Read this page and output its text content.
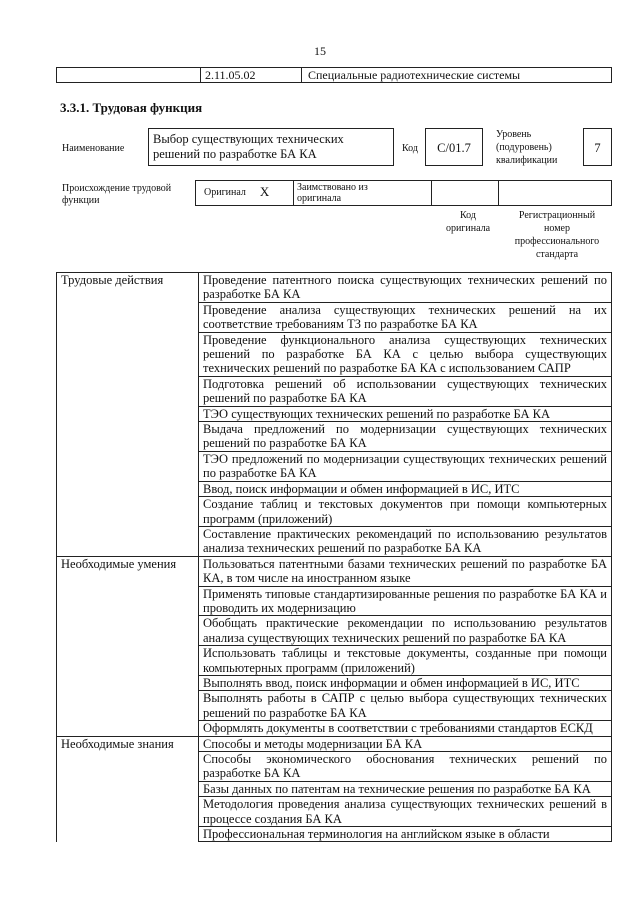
15
2.11.05.02	Специальные радиотехнические системы
3.3.1. Трудовая функция
Наименование
Выбор существующих технических решений по разработке БА КА	Код	C/01.7
Уровень
(подуровень)
квалификации
7
Происхождение трудовой
функции
Оригинал X	Заимствовано из
оригинала
Код
оригинала
Регистрационный
номер
профессионального
стандарта
Трудовые действия	Проведение патентного поиска существующих технических решений по разработке БА КА
	Проведение анализа существующих технических решений на их соответствие требованиям ТЗ по разработке БА КА
	Проведение функционального анализа существующих технических решений по разработке БА КА с целью выбора существующих технических решений по разработке БА КА с использованием САПР
	Подготовка решений об использовании существующих технических решений по разработке БА КА
	ТЭО существующих технических решений по разработке БА КА
	Выдача предложений по модернизации существующих технических решений по разработке БА КА
	ТЭО предложений по модернизации существующих технических решений по разработке БА КА
	Ввод, поиск информации и обмен информацией в ИС, ИТС
	Создание таблиц и текстовых документов при помощи компьютерных программ (приложений)
	Составление практических рекомендаций по использованию результатов анализа технических решений по разработке БА КА
Необходимые умения	Пользоваться патентными базами технических решений по разработке БА КА, в том числе на иностранном языке
	Применять типовые стандартизированные решения по разработке БА КА и проводить их модернизацию
	Обобщать практические рекомендации по использованию результатов анализа существующих технических решений по разработке БА КА
	Использовать таблицы и текстовые документы, созданные при помощи компьютерных программ (приложений)
	Выполнять ввод, поиск информации и обмен информацией в ИС, ИТС
	Выполнять работы в САПР с целью выбора существующих технических решений по разработке БА КА
	Оформлять документы в соответствии с требованиями стандартов ЕСКД
Необходимые знания	Способы и методы модернизации БА КА
	Способы экономического обоснования технических решений по разработке БА КА
	Базы данных по патентам на технические решения по разработке БА КА
	Методология проведения анализа существующих технических решений в процессе создания БА КА
	Профессиональная терминология на английском языке в области
